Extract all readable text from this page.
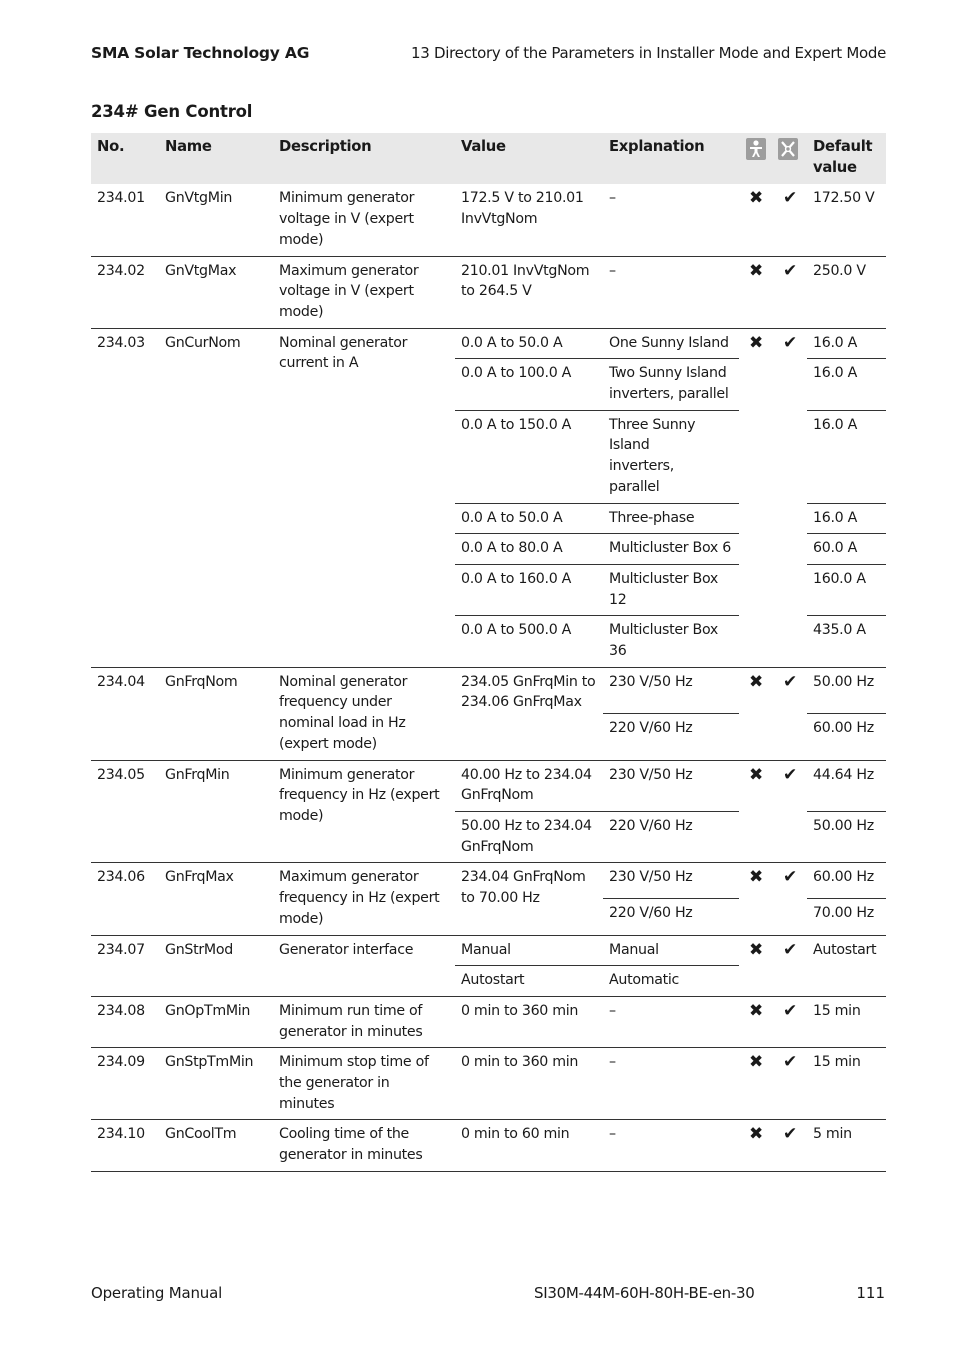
SMA Solar Technology AG	13 Directory of the Parameters in Installer Mode and Expert Mode
234# Gen Control
No.	Name	Description	Value	Explanation			Default value
234.01	GnVtgMin	Minimum generator voltage in V (expert mode)	172.5 V to 210.01 InvVtgNom	–	✖	✔	172.50 V
234.02	GnVtgMax	Maximum generator voltage in V (expert mode)	210.01 InvVtgNom to 264.5 V	–	✖	✔	250.0 V
234.03	GnCurNom	Nominal generator current in A	0.0 A to 50.0 A	One Sunny Island	✖	✔	16.0 A
			0.0 A to 100.0 A	Two Sunny Island inverters, parallel			16.0 A
			0.0 A to 150.0 A	Three Sunny Island inverters, parallel			16.0 A
			0.0 A to 50.0 A	Three-phase			16.0 A
			0.0 A to 80.0 A	Multicluster Box 6			60.0 A
			0.0 A to 160.0 A	Multicluster Box 12			160.0 A
			0.0 A to 500.0 A	Multicluster Box 36			435.0 A
234.04	GnFrqNom	Nominal generator frequency under nominal load in Hz (expert mode)	234.05 GnFrqMin to 234.06 GnFrqMax	230 V/50 Hz	✖	✔	50.00 Hz
				220 V/60 Hz			60.00 Hz
234.05	GnFrqMin	Minimum generator frequency in Hz (expert mode)	40.00 Hz to 234.04 GnFrqNom	230 V/50 Hz	✖	✔	44.64 Hz
			50.00 Hz to 234.04 GnFrqNom	220 V/60 Hz			50.00 Hz
234.06	GnFrqMax	Maximum generator frequency in Hz (expert mode)	234.04 GnFrqNom to 70.00 Hz	230 V/50 Hz	✖	✔	60.00 Hz
				220 V/60 Hz			70.00 Hz
234.07	GnStrMod	Generator interface	Manual	Manual	✖	✔	Autostart
			Autostart	Automatic			
234.08	GnOpTmMin	Minimum run time of generator in minutes	0 min to 360 min	–	✖	✔	15 min
234.09	GnStpTmMin	Minimum stop time of the generator in minutes	0 min to 360 min	–	✖	✔	15 min
234.10	GnCoolTm	Cooling time of the generator in minutes	0 min to 60 min	–	✖	✔	5 min
Operating Manual	SI30M-44M-60H-80H-BE-en-30	111
